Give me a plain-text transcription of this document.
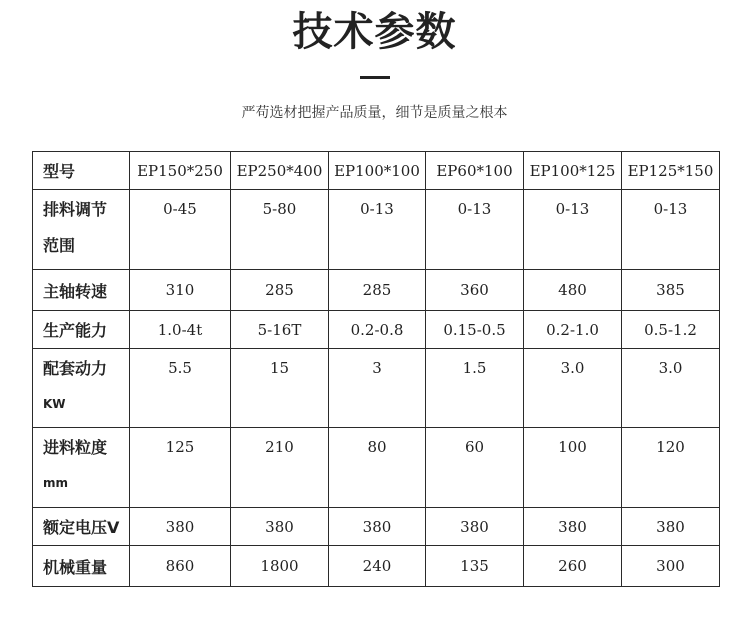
技术参数
严苟选材把握产品质量，细节是质量之根本
型号	EP150*250	EP250*400	EP100*100	EP60*100	EP100*125	EP125*150

排料调节
范围	0-45	5-80	0-13	0-13	0-13	0-13
主轴转速	310	285	285	360	480	385
生产能力	1.0-4t	5-16T	0.2-0.8	0.15-0.5	0.2-1.0	0.5-1.2

配套动力
KW	5.5	15	3	1.5	3.0	3.0

进料粒度
mm	125	210	80	60	100	120
额定电压V	380	380	380	380	380	380
机械重量	860	1800	240	135	260	300
